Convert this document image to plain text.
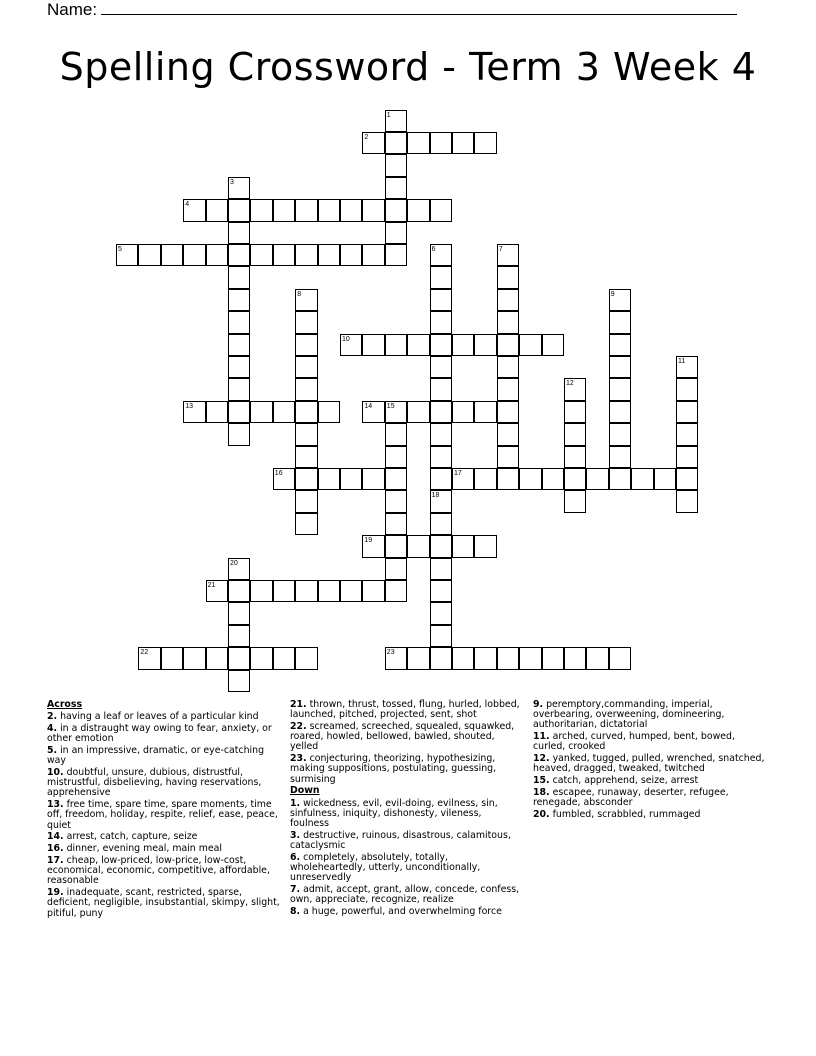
Name:
Spelling Crossword - Term 3 Week 4
1
2
3
4
5	6	7
8	9
10
11
12
13	14 15
16	17
18
19
20
21
22	23
Across
2. having a leaf or leaves of a particular kind
4. in a distraught way owing to fear, anxiety, or other emotion
5. in an impressive, dramatic, or eye-catching way
10. doubtful, unsure, dubious, distrustful, mistrustful, disbelieving, having reservations, apprehensive
13. free time, spare time, spare moments, time off, freedom, holiday, respite, relief, ease, peace, quiet
14. arrest, catch, capture, seize
16. dinner, evening meal, main meal
17. cheap, low-priced, low-price, low-cost, economical, economic, competitive, affordable, reasonable
19. inadequate, scant, restricted, sparse, deficient, negligible, insubstantial, skimpy, slight, pitiful, puny
21. thrown, thrust, tossed, flung, hurled, lobbed, launched, pitched, projected, sent, shot
22. screamed, screeched, squealed, squawked, roared, howled, bellowed, bawled, shouted, yelled
23. conjecturing, theorizing, hypothesizing, making suppositions, postulating, guessing, surmising
Down
1. wickedness, evil, evil-doing, evilness, sin, sinfulness, iniquity, dishonesty, vileness, foulness
3. destructive, ruinous, disastrous, calamitous, cataclysmic
6. completely, absolutely, totally, wholeheartedly, utterly, unconditionally, unreservedly
7. admit, accept, grant, allow, concede, confess, own, appreciate, recognize, realize
8. a huge, powerful, and overwhelming force
9. peremptory,commanding, imperial, overbearing, overweening, domineering, authoritarian, dictatorial
11. arched, curved, humped, bent, bowed, curled, crooked
12. yanked, tugged, pulled, wrenched, snatched, heaved, dragged, tweaked, twitched
15. catch, apprehend, seize, arrest
18. escapee, runaway, deserter, refugee, renegade, absconder
20. fumbled, scrabbled, rummaged
